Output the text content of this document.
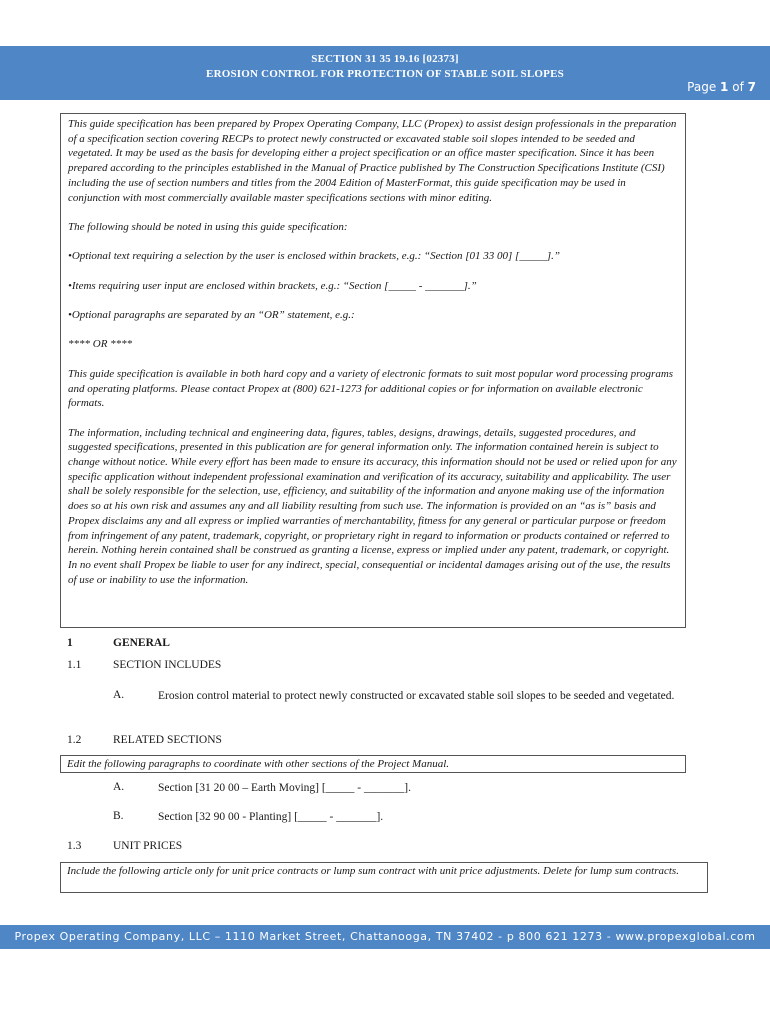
SECTION 31 35 19.16 [02373]
EROSION CONTROL FOR PROTECTION OF STABLE SOIL SLOPES
Page 1 of 7

This guide specification has been prepared by Propex Operating Company, LLC (Propex) to assist design professionals in the preparation of a specification section covering RECPs to protect newly constructed or excavated stable soil slopes intended to be seeded and vegetated. It may be used as the basis for developing either a project specification or an office master specification. Since it has been prepared according to the principles established in the Manual of Practice published by The Construction Specifications Institute (CSI) including the use of section numbers and titles from the 2004 Edition of MasterFormat, this guide specification may be used in conjunction with most commercially available master specifications sections with minor editing.

The following should be noted in using this guide specification:

•Optional text requiring a selection by the user is enclosed within brackets, e.g.: “Section [01 33 00] [_____].”

•Items requiring user input are enclosed within brackets, e.g.: “Section [_____ - _______].”

•Optional paragraphs are separated by an “OR” statement, e.g.:

**** OR ****

This guide specification is available in both hard copy and a variety of electronic formats to suit most popular word processing programs and operating platforms. Please contact Propex at (800) 621-1273 for additional copies or for information on available electronic formats.

The information, including technical and engineering data, figures, tables, designs, drawings, details, suggested procedures, and suggested specifications, presented in this publication are for general information only. The information contained herein is subject to change without notice. While every effort has been made to ensure its accuracy, this information should not be used or relied upon for any specific application without independent professional examination and verification of its accuracy, suitability and applicability. The user shall be solely responsible for the selection, use, efficiency, and suitability of the information and anyone making use of the information does so at his own risk and assumes any and all liability resulting from such use. The information is provided on an “as is” basis and Propex disclaims any and all express or implied warranties of merchantability, fitness for any general or particular purpose or freedom from infringement of any patent, trademark, copyright, or proprietary right in regard to information or products contained or referred to herein. Nothing herein contained shall be construed as granting a license, express or implied under any patent, trademark, or copyright. In no event shall Propex be liable to user for any indirect, special, consequential or incidental damages arising out of the use, the results of use or inability to use the information.

1	GENERAL
1.1	SECTION INCLUDES
A.	Erosion control material to protect newly constructed or excavated stable soil slopes to be seeded and vegetated.
1.2	RELATED SECTIONS
Edit the following paragraphs to coordinate with other sections of the Project Manual.
A.	Section [31 20 00 – Earth Moving] [_____ - _______].
B.	Section [32 90 00 - Planting] [_____ - _______].
1.3	UNIT PRICES
Include the following article only for unit price contracts or lump sum contract with unit price adjustments. Delete for lump sum contracts.
Propex Operating Company, LLC – 1110 Market Street, Chattanooga, TN 37402 - p 800 621 1273 - www.propexglobal.com
